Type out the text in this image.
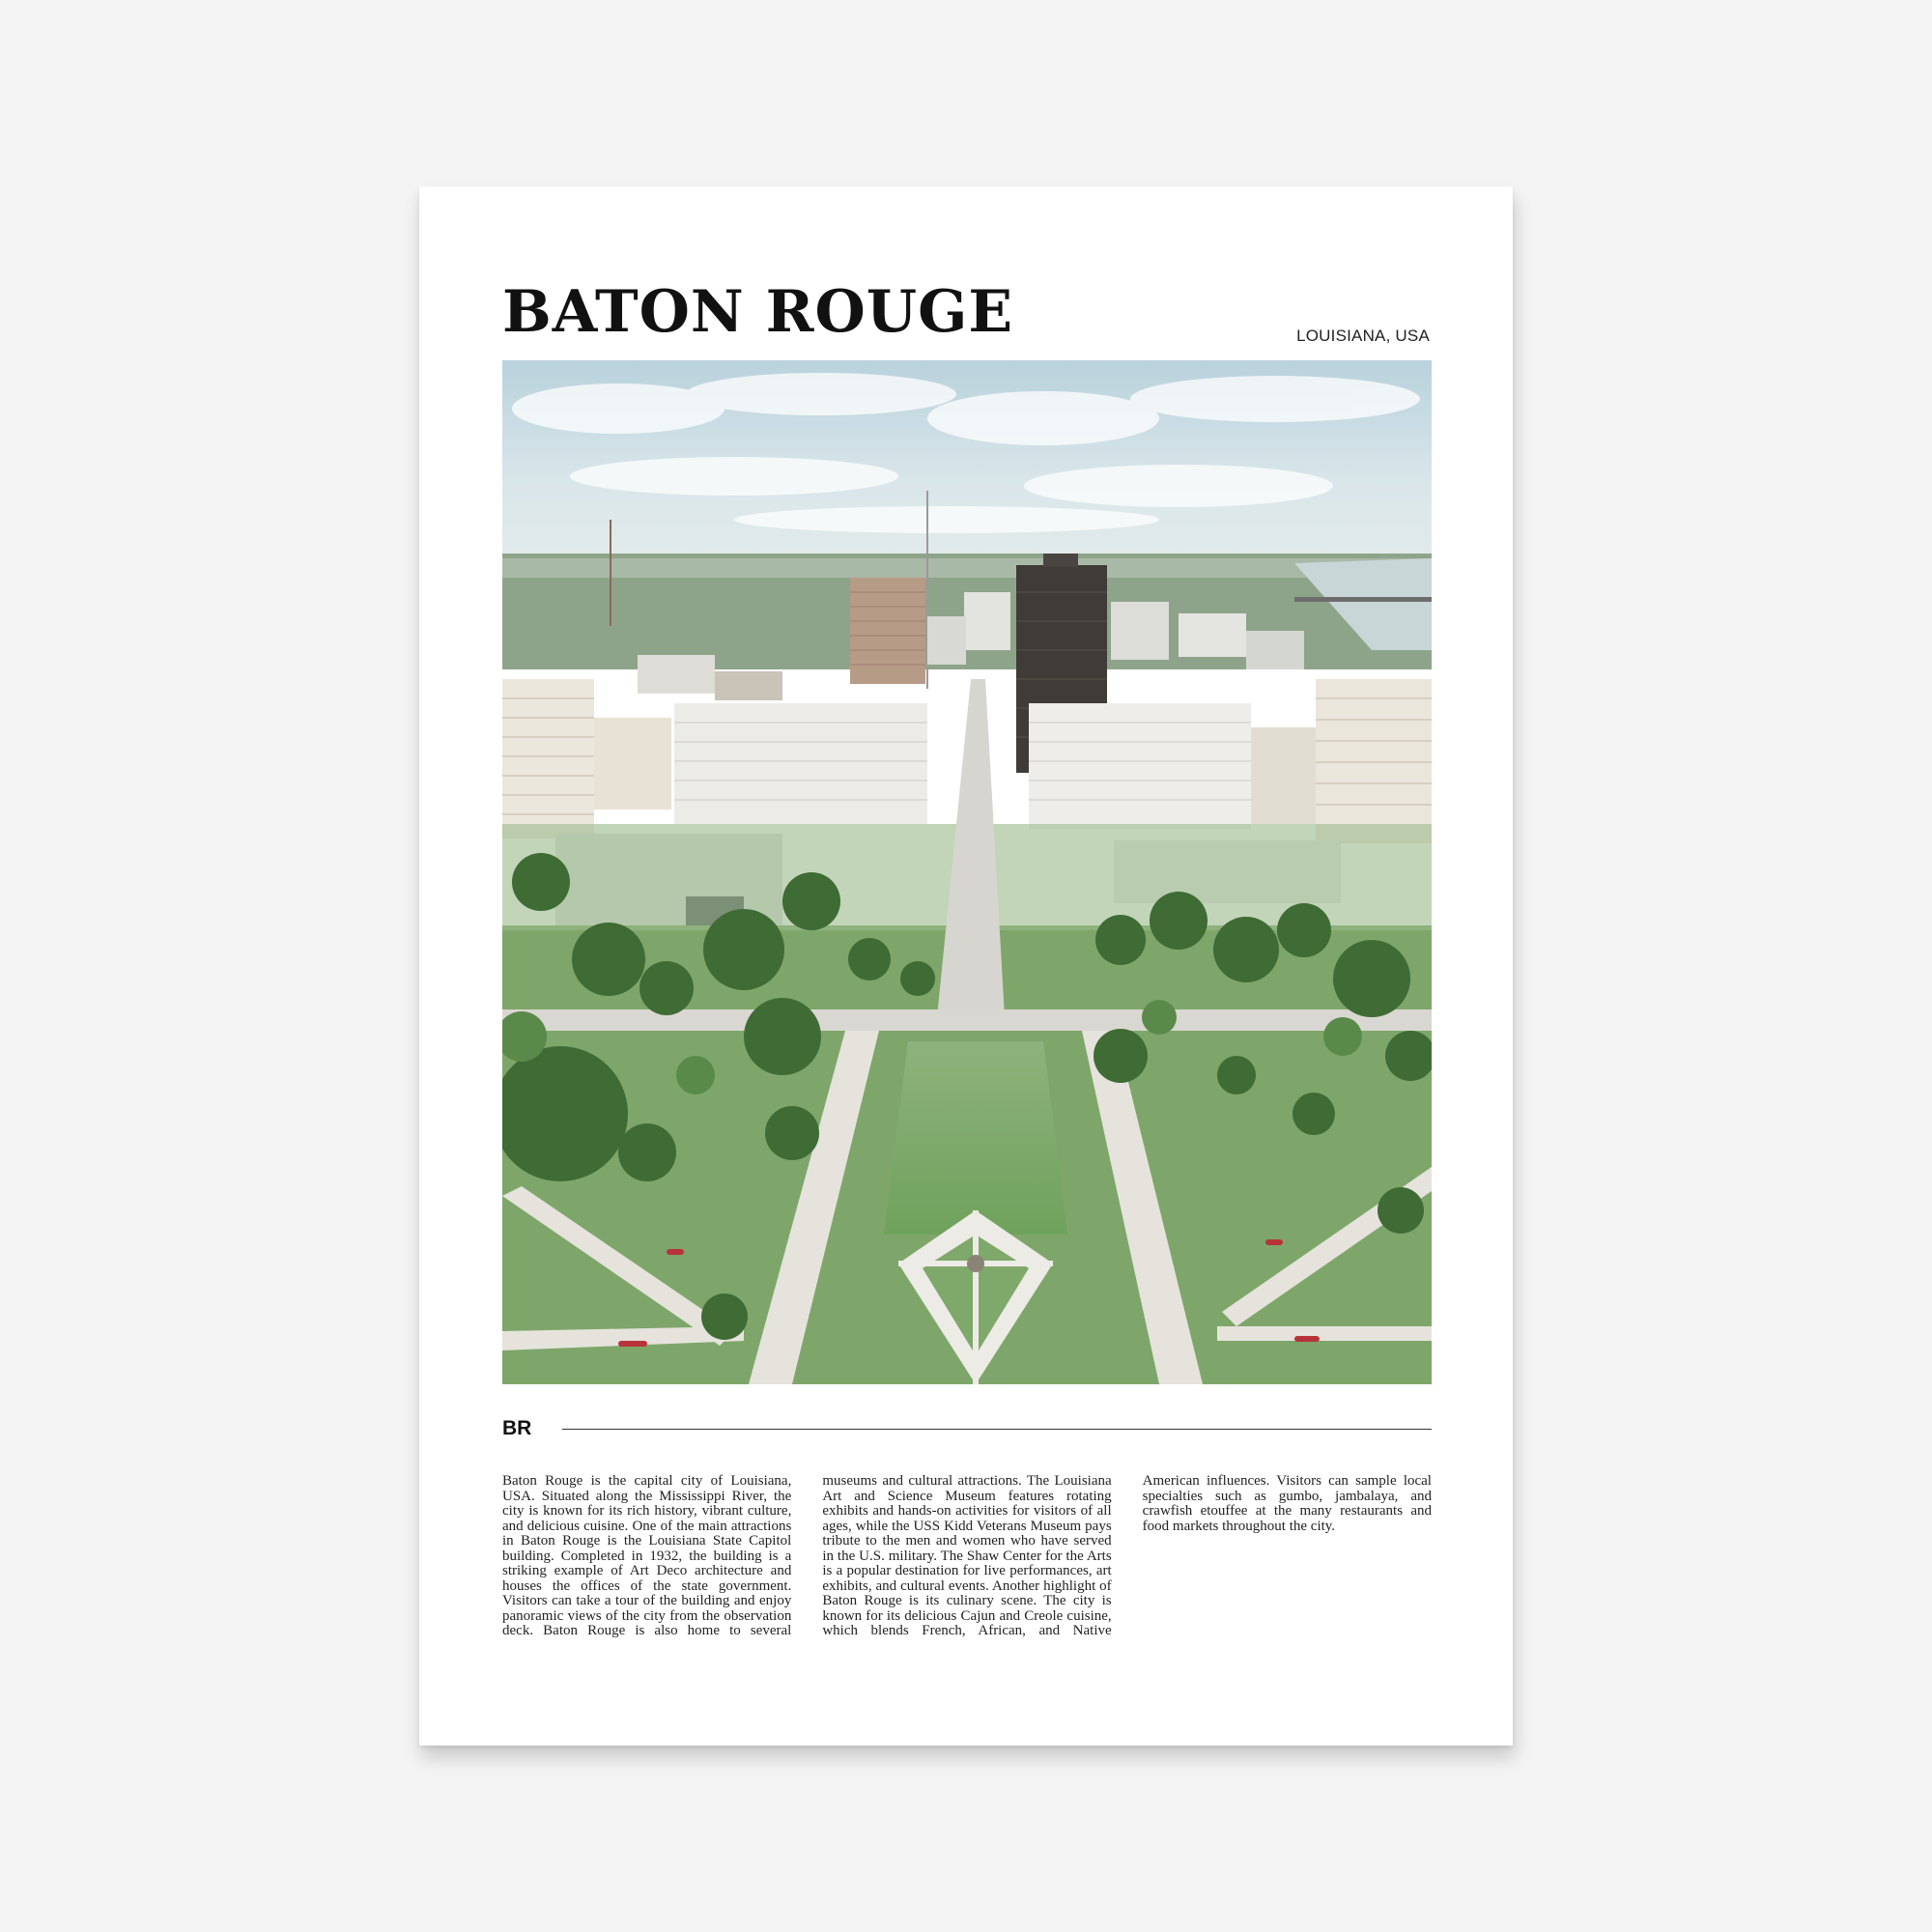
BATON ROUGE	LOUISIANA, USA
BR
Baton Rouge is the capital city of Louisiana, USA. Situated along the Mississippi River, the city is known for its rich history, vibrant culture, and delicious cuisine. One of the main attractions in Baton Rouge is the Louisiana State Capitol building. Completed in 1932, the building is a striking example of Art Deco architecture and houses the offices of the state government. Visitors can take a tour of the building and enjoy panoramic views of the city from the observation deck. Baton Rouge is also home to several museums and cultural attractions. The Louisiana Art and Science Museum features rotating exhibits and hands-on activities for visitors of all ages, while the USS Kidd Veterans Museum pays tribute to the men and women who have served in the U.S. military. The Shaw Center for the Arts is a popular destination for live performances, art exhibits, and cultural events. Another highlight of Baton Rouge is its culinary scene. The city is known for its delicious Cajun and Creole cuisine, which blends French, African, and Native American influences. Visitors can sample local specialties such as gumbo, jambalaya, and crawfish etouffee at the many restaurants and food markets throughout the city.
